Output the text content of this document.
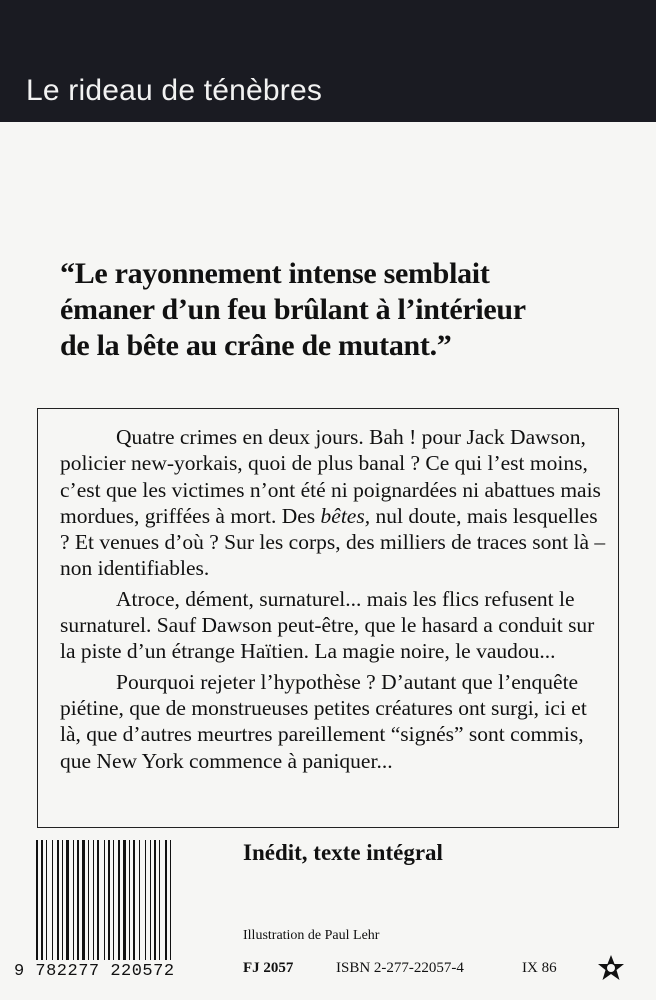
Le rideau de ténèbres
“Le rayonnement intense semblait
émaner d’un feu brûlant à l’intérieur
de la bête au crâne de mutant.”

Quatre crimes en deux jours. Bah ! pour Jack Dawson, policier new-yorkais, quoi de plus banal ? Ce qui l’est moins, c’est que les victimes n’ont été ni poignardées ni abattues mais mordues, griffées à mort. Des bêtes, nul doute, mais lesquelles ? Et venues d’où ? Sur les corps, des milliers de traces sont là – non identifiables.

Atroce, dément, surnaturel... mais les flics refusent le surnaturel. Sauf Dawson peut-être, que le hasard a conduit sur la piste d’un étrange Haïtien. La magie noire, le vaudou...

Pourquoi rejeter l’hypothèse ? D’autant que l’enquête piétine, que de monstrueuses petites créatures ont surgi, ici et là, que d’autres meurtres pareillement “signés” sont commis, que New York commence à paniquer...

9 782277 220572
Inédit, texte intégral
Illustration de Paul Lehr
FJ 2057	ISBN 2-277-22057-4	IX 86
